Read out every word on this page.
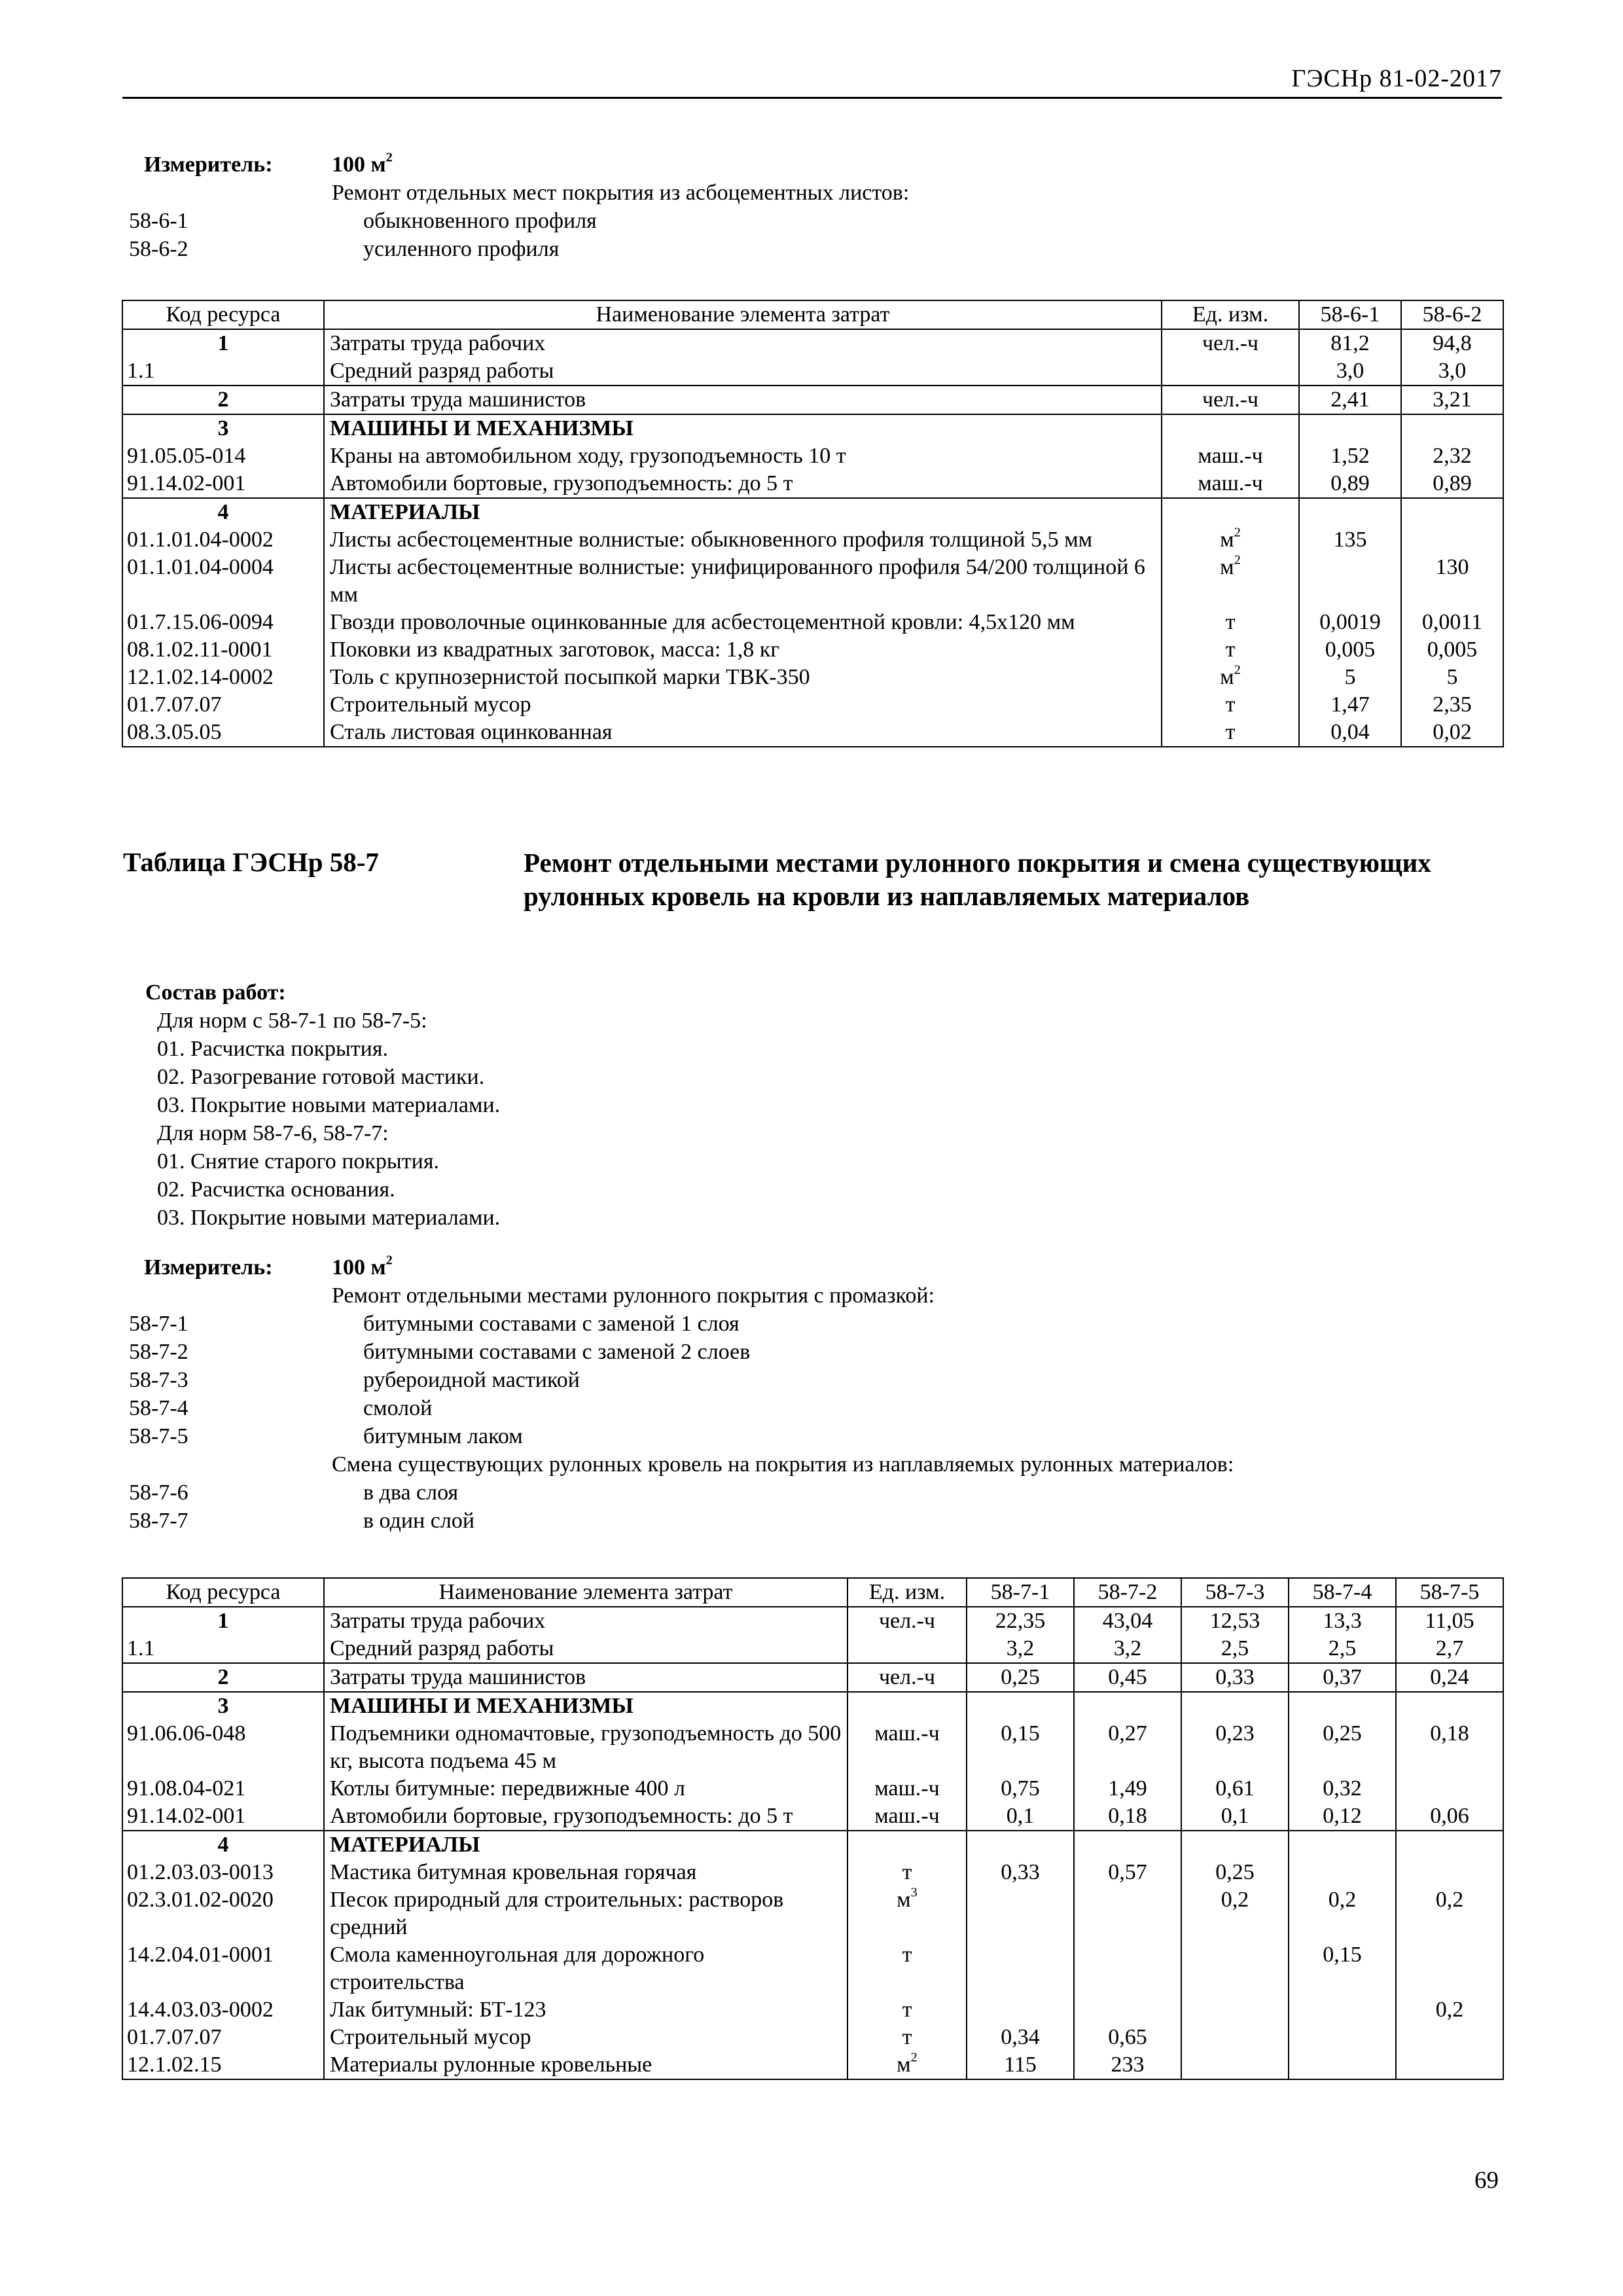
ГЭСНр 81-02-2017
Измеритель:	100 $м^2$
Ремонт отдельных мест покрытия из асбоцементных листов:
58-6-1	обыкновенного профиля
58-6-2	усиленного профиля
Код ресурса	Наименование элемента затрат	Ед. изм.	58-6-1	58-6-2
1	Затраты труда рабочих	чел.-ч	81,2	94,8
1.1	Средний разряд работы		3,0	3,0
2	Затраты труда машинистов	чел.-ч	2,41	3,21
3	МАШИНЫ И МЕХАНИЗМЫ			
91.05.05-014	Краны на автомобильном ходу, грузоподъемность 10 т	маш.-ч	1,52	2,32
91.14.02-001	Автомобили бортовые, грузоподъемность: до 5 т	маш.-ч	0,89	0,89
4	МАТЕРИАЛЫ			
01.1.01.04-0002	Листы асбестоцементные волнистые: обыкновенного профиля толщиной 5,5 мм	$м^2$	135	
01.1.01.04-0004	Листы асбестоцементные волнистые: унифицированного профиля 54/200 толщиной 6 мм	$м^2$		130
01.7.15.06-0094	Гвозди проволочные оцинкованные для асбестоцементной кровли: 4,5х120 мм	т	0,0019	0,0011
08.1.02.11-0001	Поковки из квадратных заготовок, масса: 1,8 кг	т	0,005	0,005
12.1.02.14-0002	Толь с крупнозернистой посыпкой марки ТВК-350	$м^2$	5	5
01.7.07.07	Строительный мусор	т	1,47	2,35
08.3.05.05	Сталь листовая оцинкованная	т	0,04	0,02
Таблица ГЭСНр 58-7	Ремонт отдельными местами рулонного покрытия и смена существующих рулонных кровель на кровли из наплавляемых материалов
Состав работ:
Для норм с 58-7-1 по 58-7-5:
01. Расчистка покрытия.
02. Разогревание готовой мастики.
03. Покрытие новыми материалами.
Для норм 58-7-6, 58-7-7:
01. Снятие старого покрытия.
02. Расчистка основания.
03. Покрытие новыми материалами.
Измеритель:	100 $м^2$
Ремонт отдельными местами рулонного покрытия с промазкой:
58-7-1	битумными составами с заменой 1 слоя
58-7-2	битумными составами с заменой 2 слоев
58-7-3	рубероидной мастикой
58-7-4	смолой
58-7-5	битумным лаком
Смена существующих рулонных кровель на покрытия из наплавляемых рулонных материалов:
58-7-6	в два слоя
58-7-7	в один слой
Код ресурса	Наименование элемента затрат	Ед. изм.	58-7-1	58-7-2	58-7-3	58-7-4	58-7-5
1	Затраты труда рабочих	чел.-ч	22,35	43,04	12,53	13,3	11,05
1.1	Средний разряд работы		3,2	3,2	2,5	2,5	2,7
2	Затраты труда машинистов	чел.-ч	0,25	0,45	0,33	0,37	0,24
3	МАШИНЫ И МЕХАНИЗМЫ						
91.06.06-048	Подъемники одномачтовые, грузоподъемность до 500 кг, высота подъема 45 м	маш.-ч	0,15	0,27	0,23	0,25	0,18
91.08.04-021	Котлы битумные: передвижные 400 л	маш.-ч	0,75	1,49	0,61	0,32	
91.14.02-001	Автомобили бортовые, грузоподъемность: до 5 т	маш.-ч	0,1	0,18	0,1	0,12	0,06
4	МАТЕРИАЛЫ						
01.2.03.03-0013	Мастика битумная кровельная горячая	т	0,33	0,57	0,25		
02.3.01.02-0020	Песок природный для строительных: растворов средний	$м^3$			0,2	0,2	0,2
14.2.04.01-0001	Смола каменноугольная для дорожного строительства	т				0,15	
14.4.03.03-0002	Лак битумный: БТ-123	т					0,2
01.7.07.07	Строительный мусор	т	0,34	0,65			
12.1.02.15	Материалы рулонные кровельные	$м^2$	115	233			
69
